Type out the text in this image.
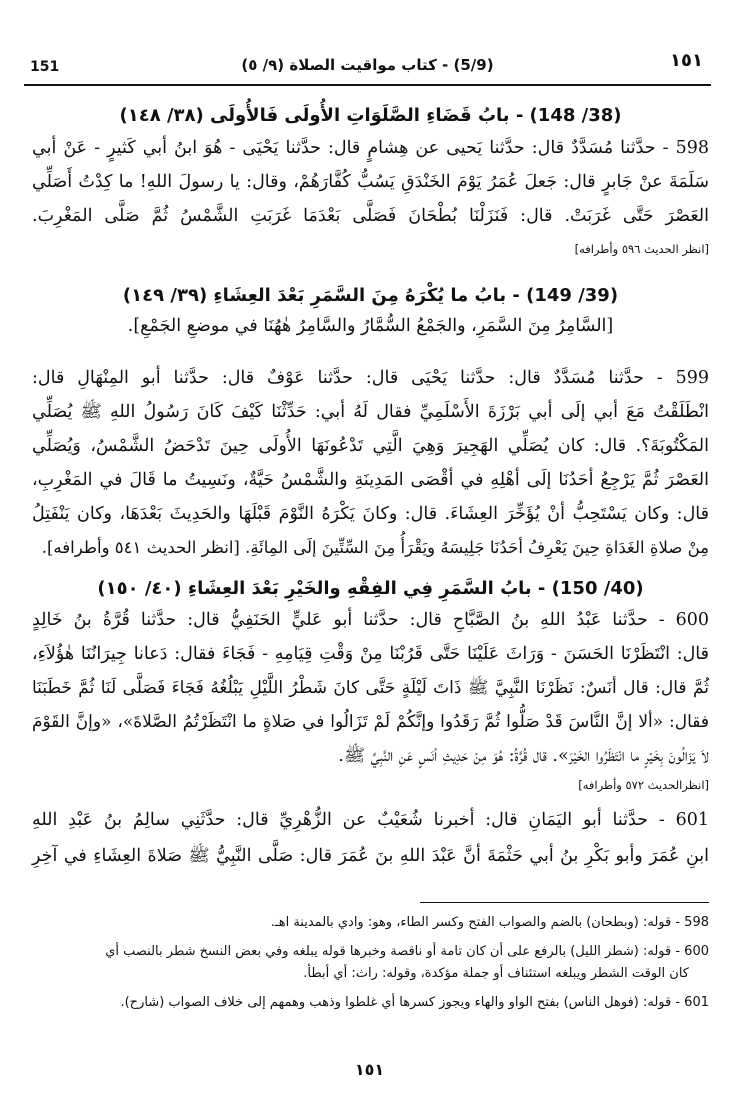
151	(5/9) - كتاب مواقيت الصلاة (٩/ ٥)	١٥١
(38/ 148) - بابُ قَضَاءِ الصَّلَوَاتِ الأُولَى فَالأُولَى (٣٨/ ١٤٨)
598 - حدَّثنا مُسَدَّدٌ قال: حدَّثنا يَحيى عن هِشامٍ قال: حدَّثنا يَحْيَى - هُوَ ابنُ أبي كَثيرٍ - عَنْ أبي
سَلَمَةَ عنْ جَابرٍ قال: جَعلَ عُمَرُ يَوْمَ الخَنْدَقِ يَسُبُّ كُفَّارَهُمْ، وقال: يا رسولَ اللهِ! ما كِدْتُ أَصَلِّي
العَصْرَ حَتَّى غَرَبَتْ. قال: فَنَزَلْنَا بُطْحَانَ فَصَلَّى بَعْدَمَا غَرَبَتِ الشَّمْسُ ثُمَّ صَلَّى المَغْرِبَ.
[انظر الحديث ٥٩٦ وأطرافه]
(39/ 149) - بابُ ما يُكْرَهُ مِنَ السَّمَرِ بَعْدَ العِشَاءِ (٣٩/ ١٤٩)
[السَّامِرُ مِنَ السَّمَرِ، والجَمْعُ السُّمَّارُ والسَّامِرُ هٰهُنَا في موضعِ الجَمْعِ].
599 - حدَّثنا مُسَدَّدٌ قال: حدَّثنا يَحْيَى قال: حدَّثنا عَوْفٌ قال: حدَّثنا أبو المِنْهَالِ قال:
انْطَلَقْتُ مَعَ أبي إلَى أبي بَرْزَةَ الأَسْلَمِيِّ فقال لَهُ أبي: حَدِّثْنَا كَيْفَ كَانَ رَسُولُ اللهِ ﷺ يُصَلِّي
المَكْتُوبَةَ؟. قال: كان يُصَلِّي الهَجِيرَ وَهِيَ الَّتِي تَدْعُونَهَا الأُولَى حِينَ تَدْحَضُ الشَّمْسُ، وَيُصَلِّي
العَصْرَ ثُمَّ يَرْجِعُ أحَدُنَا إلَى أهْلِهِ في أقْصَى المَدِينَةِ والشَّمْسُ حَيَّةٌ، ونَسِيتُ ما قَالَ في المَغْرِبِ،
قال: وكان يَسْتَحِبُّ أنْ يُؤَخِّرَ العِشَاءَ. قال: وكانَ يَكْرَهُ النَّوْمَ قَبْلَهَا والحَدِيثَ بَعْدَهَا، وكان يَنْفَتِلُ
مِنْ صلاةِ الغَدَاةِ حِينَ يَعْرِفُ أحَدُنَا جَلِيسَهُ ويَقْرَأُ مِنَ السِّتِّينَ إلَى المِائَةِ. [انظر الحديث ٥٤١ وأطرافه].
(40/ 150) - بابُ السَّمَرِ فِي الفِقْهِ والخَيْرِ بَعْدَ العِشَاءِ (٤٠/ ١٥٠)
600 - حدَّثنا عَبْدُ اللهِ بنُ الصَّبَّاحِ قال: حدَّثنا أبو عَليٍّ الحَنَفِيُّ قال: حدَّثنا قُرَّةُ بنُ خَالِدٍ
قال: انْتَظَرْنَا الحَسَنَ - وَرَاثَ عَلَيْنَا حَتَّى قَرُبْنَا مِنْ وَقْتِ قِيَامِهِ - فَجَاءَ فقال: دَعانا جِيرَانُنَا هٰؤُلاَءِ،
ثُمَّ قال: قال أنَسٌ: نَظَرْنَا النَّبِيَّ ﷺ ذَاتَ لَيْلَةٍ حَتَّى كانَ شَطْرُ اللَّيْلِ يَبْلُغُهُ فَجَاءَ فَصَلَّى لَنَا ثُمَّ خَطَبَنَا
فقال: «ألا إنَّ النَّاسَ قَدْ صَلُّوا ثُمَّ رَقَدُوا وإنَّكُمْ لَمْ تَزَالُوا في صَلاةٍ ما انْتَظَرْتُمُ الصَّلاةَ»، «وإنَّ القَوْمَ
لاَ يَزَالُونَ بِخَيْرٍ ما انْتَظَرُوا الخَيْرَ». قال قُرَّةُ: هُوَ مِنْ حَدِيثِ أنَسٍ عَنِ النَّبِيِّ ﷺ.
[انظرالحديث ٥٧٢ وأطرافه]
601 - حدَّثنا أبو اليَمَانِ قال: أخبرنا شُعَيْبٌ عن الزُّهْرِيِّ قال: حدَّثَنِي سالِمُ بنُ عَبْدِ اللهِ
ابنِ عُمَرَ وأبو بَكْرِ بنُ أبي حَثْمَةَ أنَّ عَبْدَ اللهِ بنَ عُمَرَ قال: صَلَّى النَّبِيُّ ﷺ صَلاةَ العِشَاءِ في آخِرِ
598 - قوله: (وبطحان) بالضم والصواب الفتح وكسر الطاء، وهو: وادي بالمدينة اهـ.
600 - قوله: (شطر الليل) بالرفع على أن كان تامة أو ناقصة وخبرها قوله يبلغه وفي بعض النسخ شطر بالنصب أي
كان الوقت الشطر ويبلغه استئناف أو جملة مؤكدة، وقوله: راث: أي أبطأ.
601 - قوله: (فوهل الناس) بفتح الواو والهاء ويجوز كسرها أي غلطوا وذهب وهمهم إلى خلاف الصواب (شارح).
١٥١
